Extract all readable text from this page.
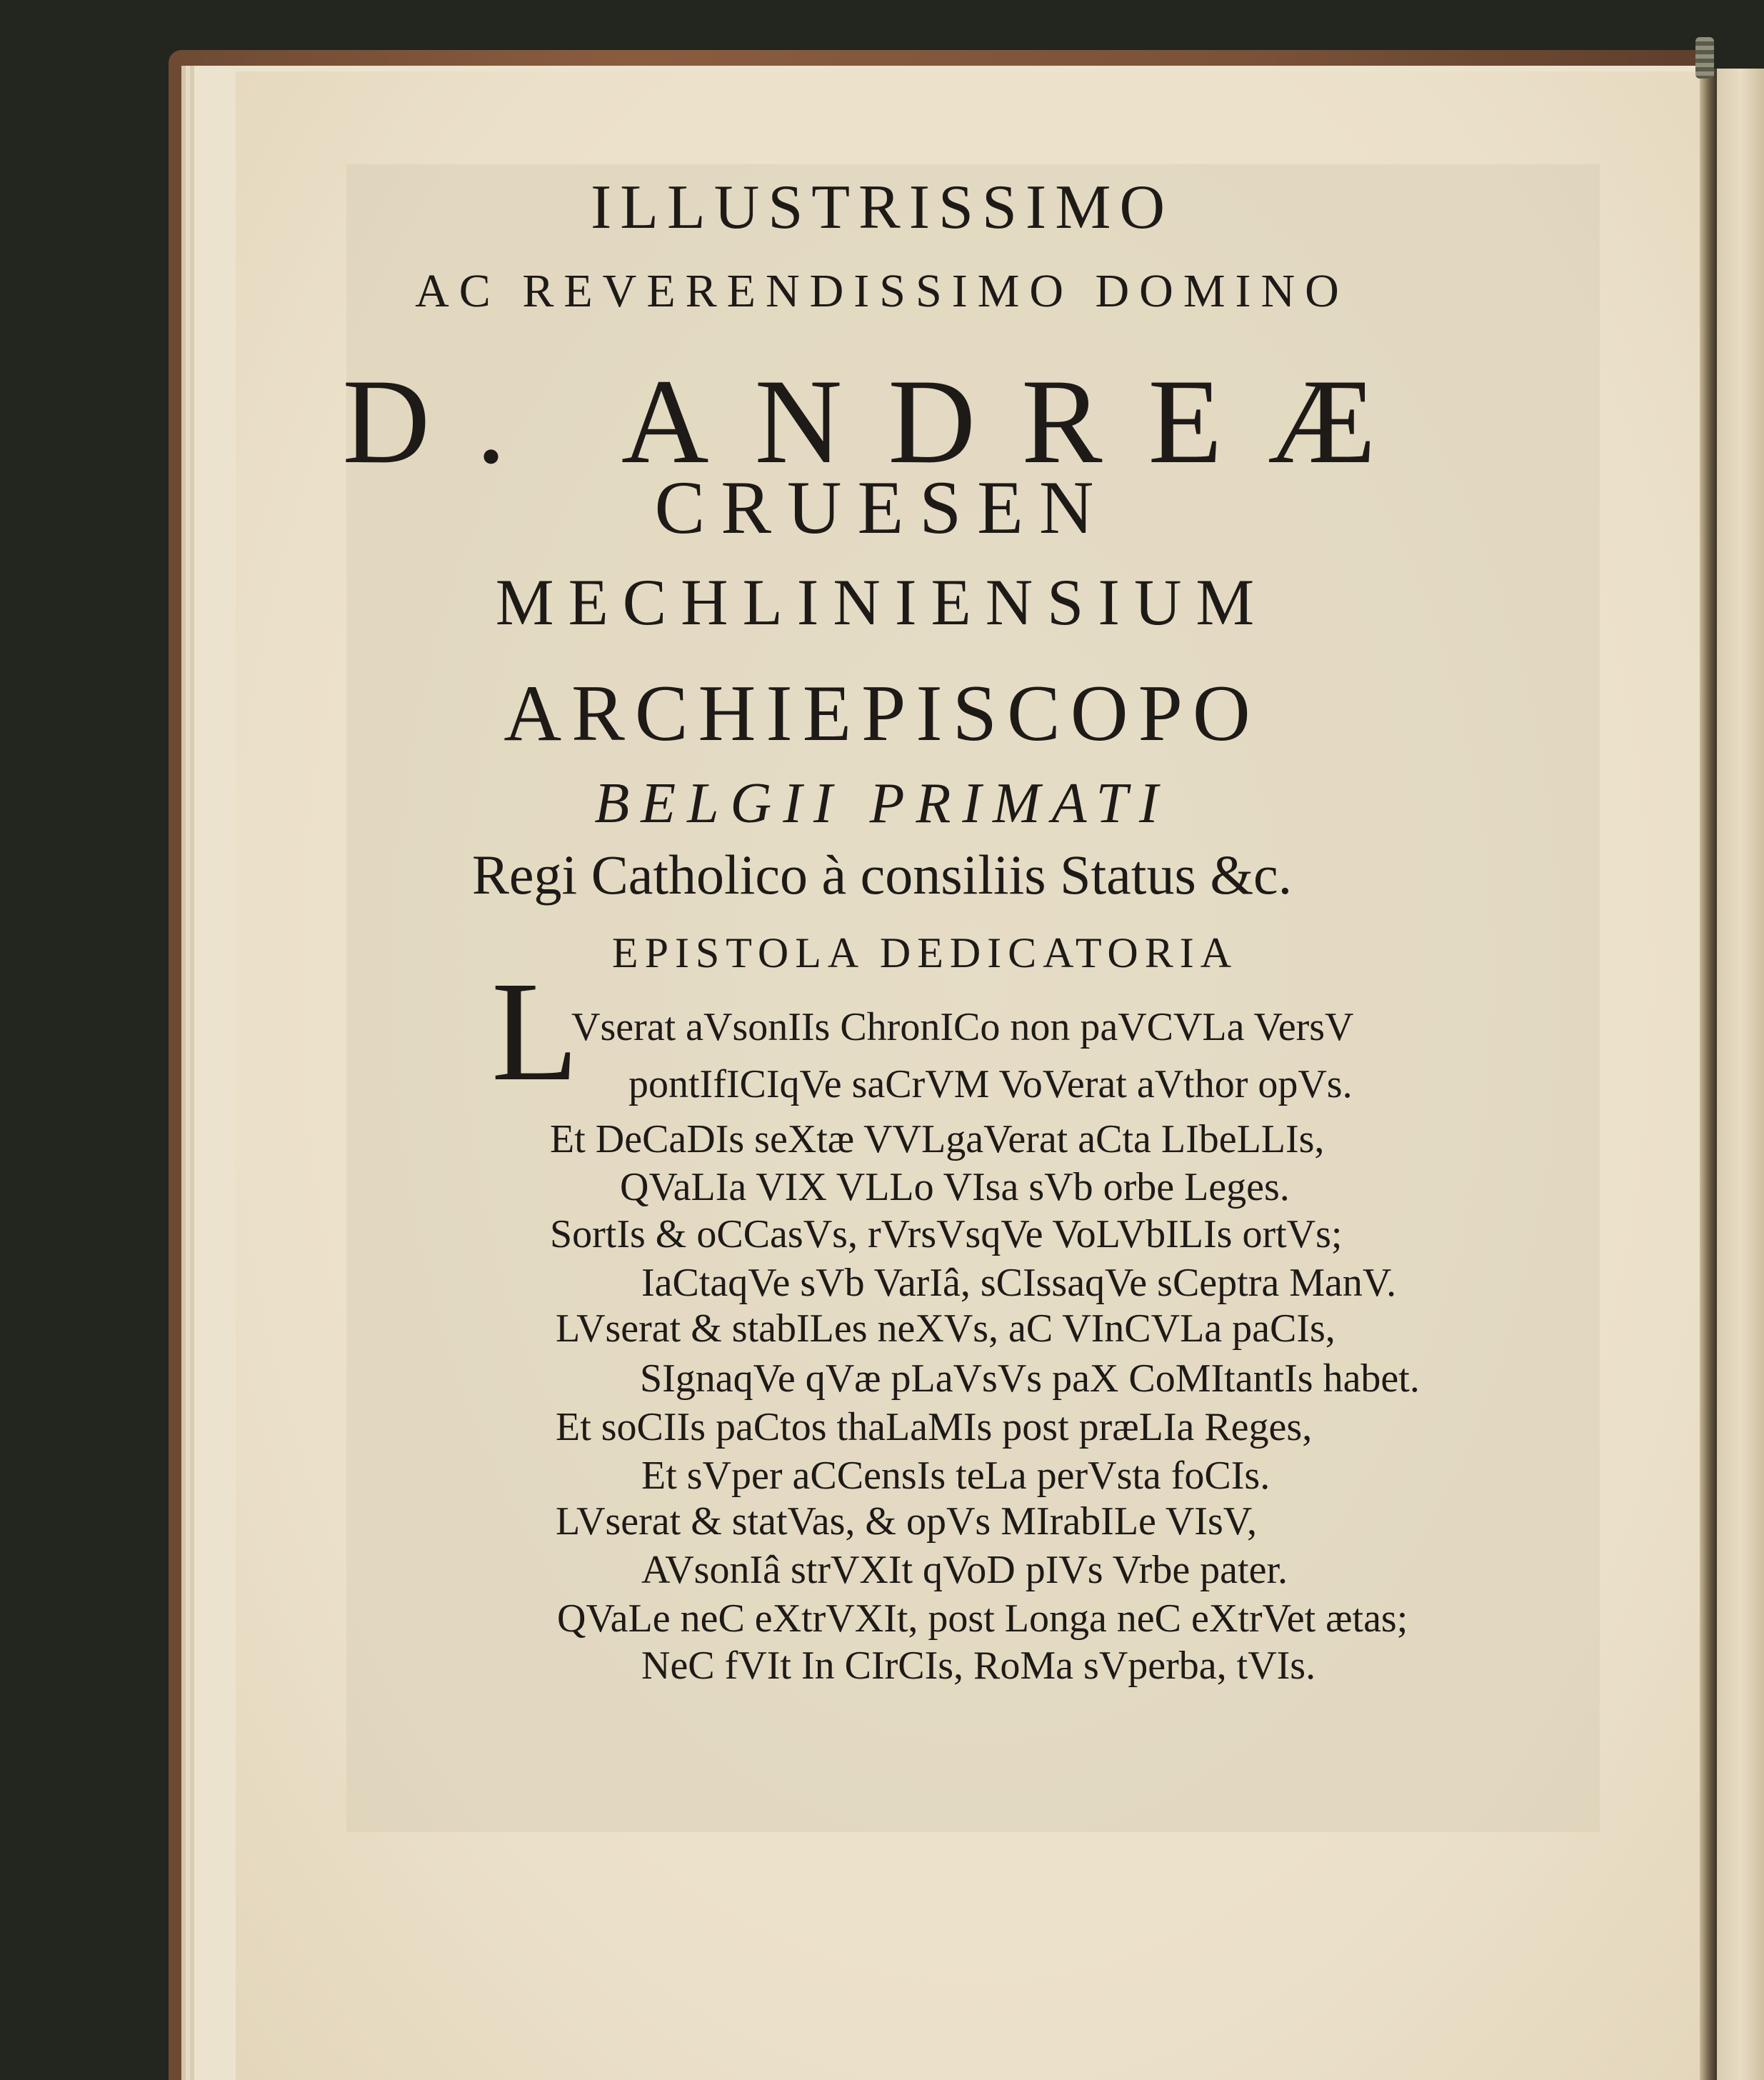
ILLUSTRISSIMO
AC REVERENDISSIMO DOMINO
D. ANDREÆ
CRUESEN
MECHLINIENSIUM
ARCHIEPISCOPO
BELGII PRIMATI
Regi Catholico à consiliis Status &c.
EPISTOLA DEDICATORIA
L
Vserat aVsonIIs ChronICo non paVCVLa VersV
pontIfICIqVe saCrVM VoVerat aVthor opVs.
Et DeCaDIs seXtæ VVLgaVerat aCta LIbeLLIs,
QVaLIa VIX VLLo VIsa sVb orbe Leges.
SortIs & oCCasVs, rVrsVsqVe VoLVbILIs ortVs;
IaCtaqVe sVb VarIâ, sCIssaqVe sCeptra ManV.
LVserat & stabILes neXVs, aC VInCVLa paCIs,
SIgnaqVe qVæ pLaVsVs paX CoMItantIs habet.
Et soCIIs paCtos thaLaMIs post præLIa Reges,
Et sVper aCCensIs teLa perVsta foCIs.
LVserat & statVas, & opVs MIrabILe VIsV,
AVsonIâ strVXIt qVoD pIVs Vrbe pater.
QVaLe neC eXtrVXIt, post Longa neC eXtrVet ætas;
NeC fVIt In CIrCIs, RoMa sVperba, tVIs.
